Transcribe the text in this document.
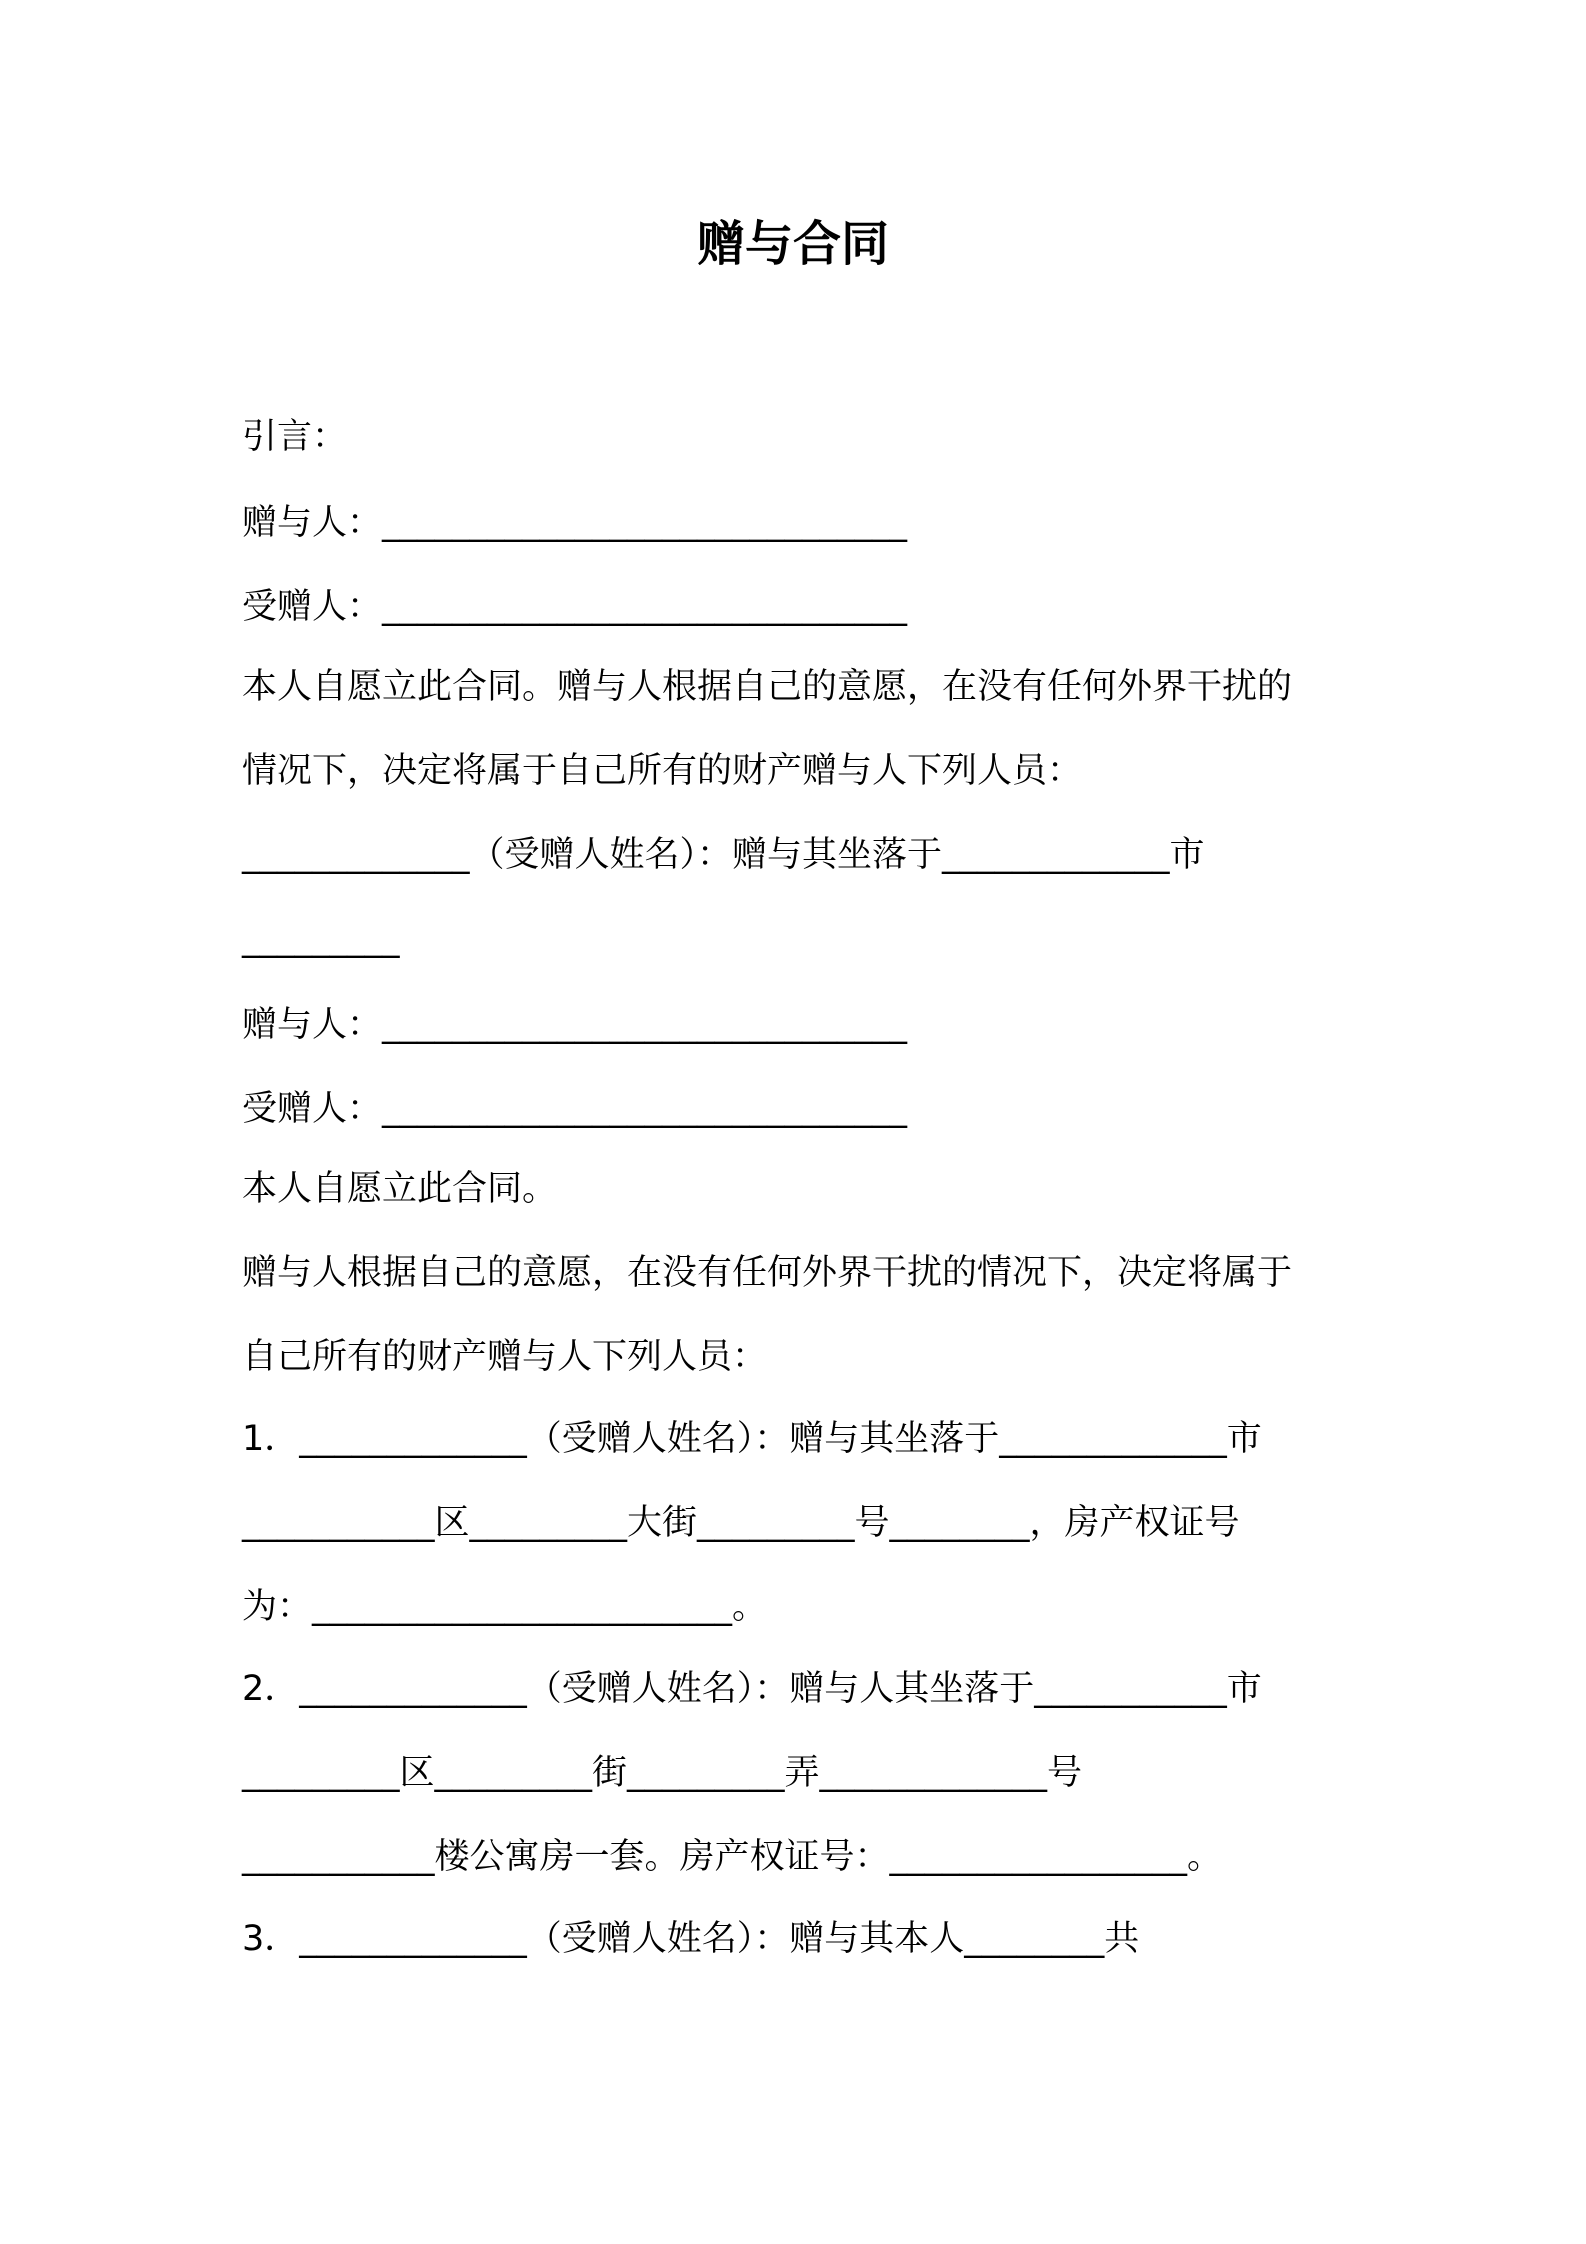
赠与合同
引言：
赠与人：______________________________
受赠人：______________________________
本人自愿立此合同。赠与人根据自己的意愿，在没有任何外界干扰的
情况下，决定将属于自己所有的财产赠与人下列人员：
_____________（受赠人姓名）：赠与其坐落于_____________市
_________
赠与人：______________________________
受赠人：______________________________
本人自愿立此合同。
赠与人根据自己的意愿，在没有任何外界干扰的情况下，决定将属于
自己所有的财产赠与人下列人员：
1．_____________（受赠人姓名）：赠与其坐落于_____________市
___________区_________大街_________号________，房产权证号
为：________________________。
2．_____________（受赠人姓名）：赠与人其坐落于___________市
_________区_________街_________弄_____________号
___________楼公寓房一套。房产权证号：_________________。
3．_____________（受赠人姓名）：赠与其本人________共
